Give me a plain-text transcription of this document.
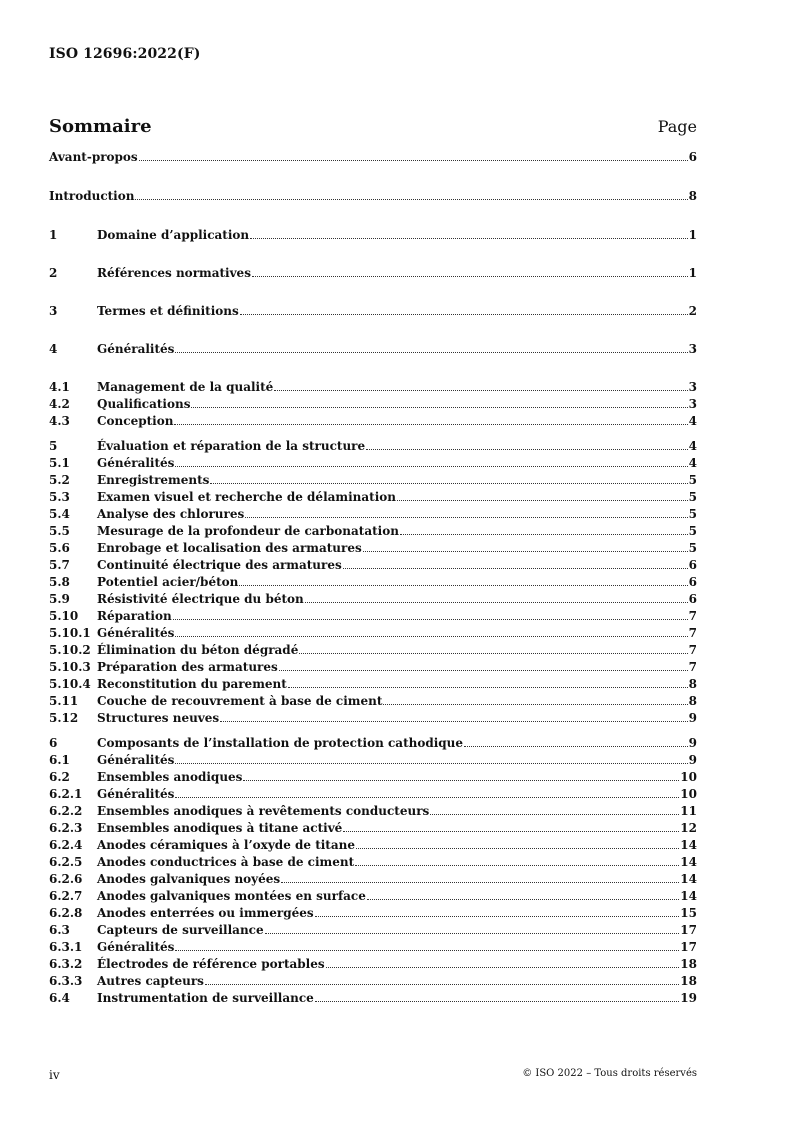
ISO 12696:2022(F)
Sommaire	Page
Avant-propos	6
Introduction	8
1	Domaine d’application	1
2	Références normatives	1
3	Termes et définitions	2
4	Généralités	3
4.1	Management de la qualité	3
4.2	Qualifications	3
4.3	Conception	4
5	Évaluation et réparation de la structure	4
5.1	Généralités	4
5.2	Enregistrements	5
5.3	Examen visuel et recherche de délamination	5
5.4	Analyse des chlorures	5
5.5	Mesurage de la profondeur de carbonatation	5
5.6	Enrobage et localisation des armatures	5
5.7	Continuité électrique des armatures	6
5.8	Potentiel acier/béton	6
5.9	Résistivité électrique du béton	6
5.10	Réparation	7
5.10.1 Généralités	7
5.10.2 Élimination du béton dégradé	7
5.10.3 Préparation des armatures	7
5.10.4 Reconstitution du parement	8
5.11	Couche de recouvrement à base de ciment	8
5.12	Structures neuves	9
6	Composants de l’installation de protection cathodique	9
6.1	Généralités	9
6.2	Ensembles anodiques	10
6.2.1	Généralités	10
6.2.2	Ensembles anodiques à revêtements conducteurs	11
6.2.3	Ensembles anodiques à titane activé	12
6.2.4	Anodes céramiques à l’oxyde de titane	14
6.2.5	Anodes conductrices à base de ciment	14
6.2.6	Anodes galvaniques noyées	14
6.2.7	Anodes galvaniques montées en surface	14
6.2.8	Anodes enterrées ou immergées	15
6.3	Capteurs de surveillance	17
6.3.1	Généralités	17
6.3.2	Électrodes de référence portables	18
6.3.3	Autres capteurs	18
6.4	Instrumentation de surveillance	19
iv	© ISO 2022 – Tous droits réservés
